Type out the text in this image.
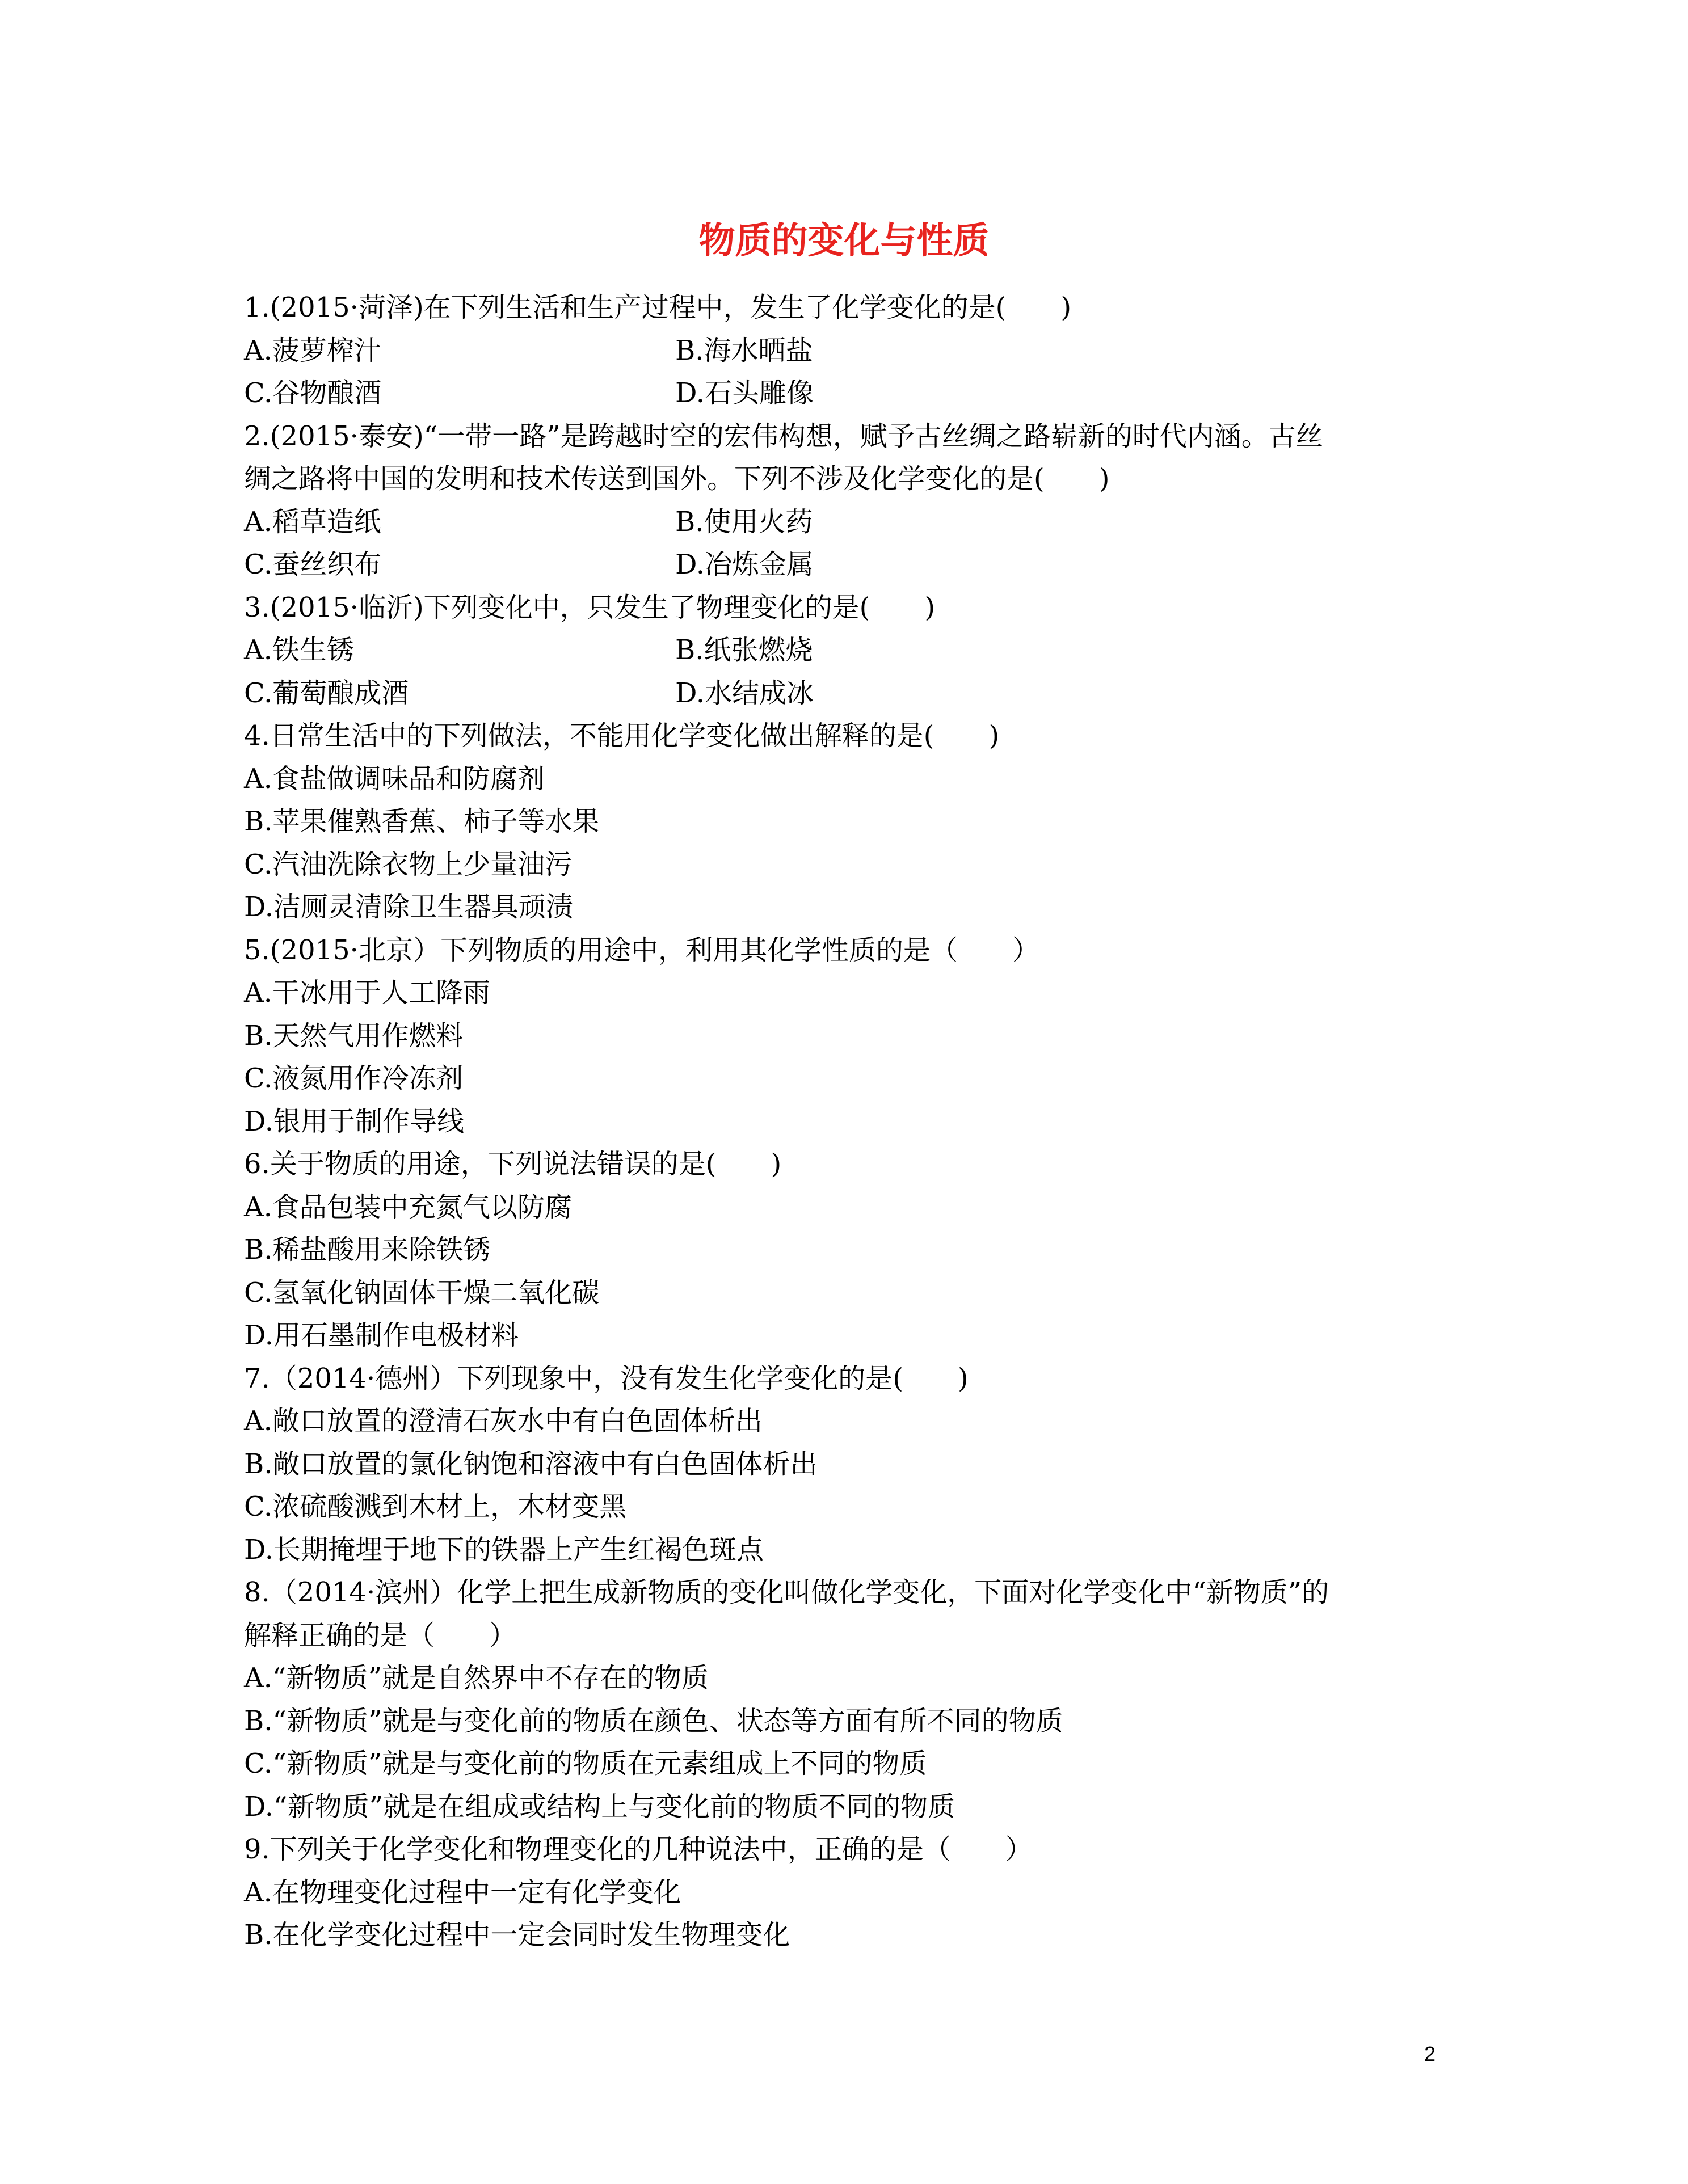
物质的变化与性质
1.(2015·菏泽)在下列生活和生产过程中，发生了化学变化的是(　　)
A.菠萝榨汁	B.海水晒盐
C.谷物酿酒	D.石头雕像
2.(2015·泰安)“一带一路”是跨越时空的宏伟构想，赋予古丝绸之路崭新的时代内涵。古丝
绸之路将中国的发明和技术传送到国外。下列不涉及化学变化的是(　　)
A.稻草造纸	B.使用火药
C.蚕丝织布	D.冶炼金属
3.(2015·临沂)下列变化中，只发生了物理变化的是(　　)
A.铁生锈	B.纸张燃烧
C.葡萄酿成酒	D.水结成冰
4.日常生活中的下列做法，不能用化学变化做出解释的是(　　)
A.食盐做调味品和防腐剂
B.苹果催熟香蕉、柿子等水果
C.汽油洗除衣物上少量油污
D.洁厕灵清除卫生器具顽渍
5.(2015·北京）下列物质的用途中，利用其化学性质的是（　　）
A.干冰用于人工降雨
B.天然气用作燃料
C.液氮用作冷冻剂
D.银用于制作导线
6.关于物质的用途，下列说法错误的是(　　)
A.食品包装中充氮气以防腐
B.稀盐酸用来除铁锈
C.氢氧化钠固体干燥二氧化碳
D.用石墨制作电极材料
7.（2014·德州）下列现象中，没有发生化学变化的是(　　)
A.敞口放置的澄清石灰水中有白色固体析出
B.敞口放置的氯化钠饱和溶液中有白色固体析出
C.浓硫酸溅到木材上，木材变黑
D.长期掩埋于地下的铁器上产生红褐色斑点
8.（2014·滨州）化学上把生成新物质的变化叫做化学变化，下面对化学变化中“新物质”的
解释正确的是（　　）
A.“新物质”就是自然界中不存在的物质
B.“新物质”就是与变化前的物质在颜色、状态等方面有所不同的物质
C.“新物质”就是与变化前的物质在元素组成上不同的物质
D.“新物质”就是在组成或结构上与变化前的物质不同的物质
9.下列关于化学变化和物理变化的几种说法中，正确的是（　　）
A.在物理变化过程中一定有化学变化
B.在化学变化过程中一定会同时发生物理变化
2
